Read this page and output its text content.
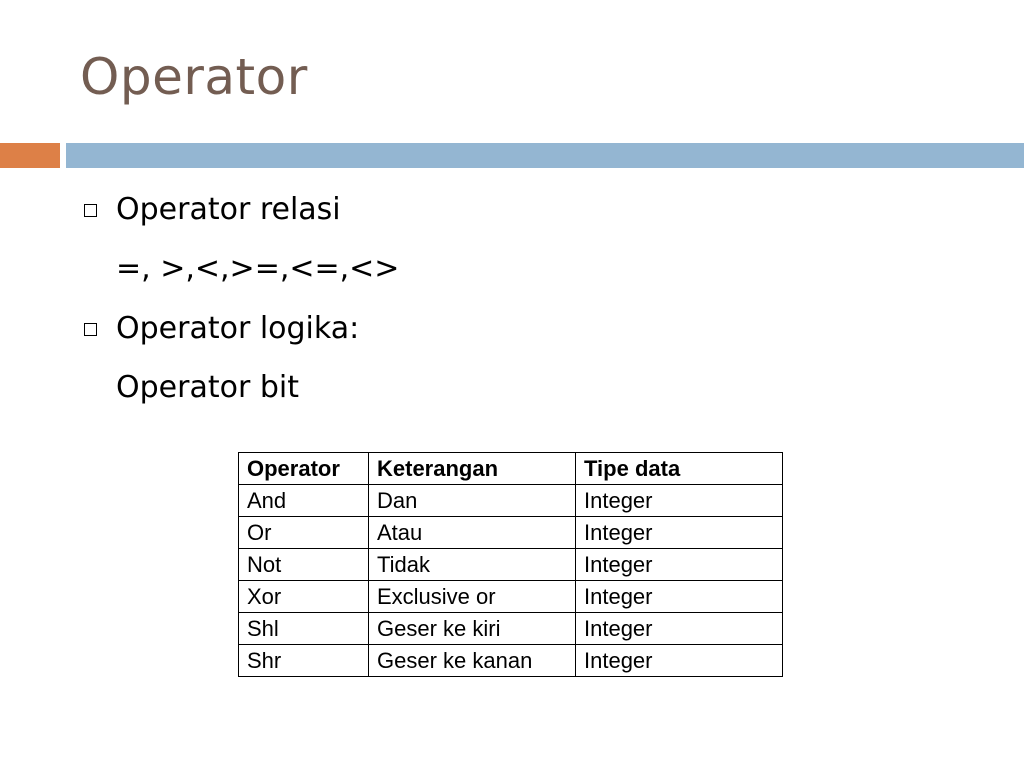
Operator
Operator relasi
=, >,<,>=,<=,<>
Operator logika:
Operator bit
Operator	Keterangan	Tipe data
And	Dan	Integer
Or	Atau	Integer
Not	Tidak	Integer
Xor	Exclusive or	Integer
Shl	Geser ke kiri	Integer
Shr	Geser ke kanan	Integer
